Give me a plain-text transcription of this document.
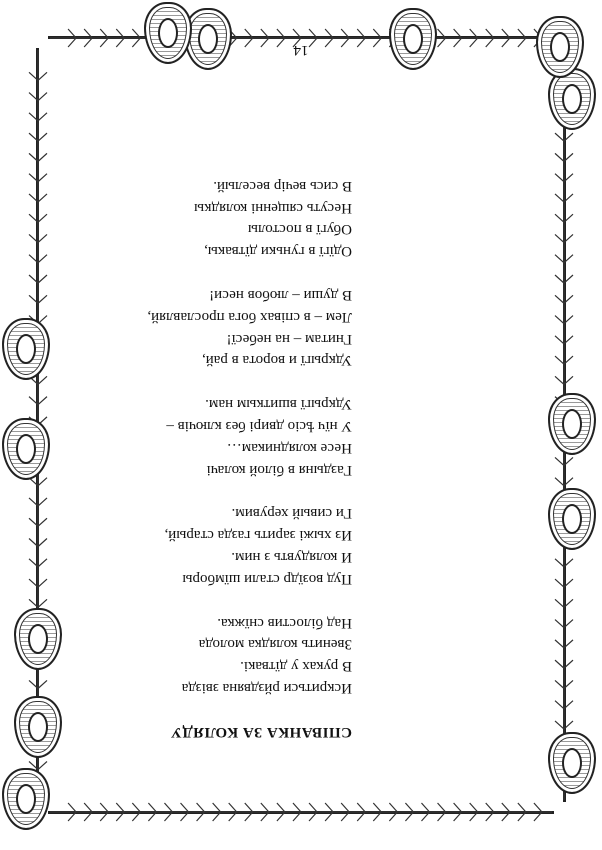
СПІВАНКА ЗА КОЛЯДУ
Искритьси рйздвяна звізда
В руках у дїтвакі.
Звенить колядка молода
Над білостив снїжка.
Пуд возїдр стали шїмборы
И колядувть з ним.
Из хыжі зарить газда старый,
Ги сивый херувим.
Газдыня в білой колачі
Несе колядникам…
У нїч ѣсіо двирі без ключів –
Удкрыгї вшиткым нам.
Удкрыгї и ворота в рай,
Гнитам – на небесї!
Лем – в співах бога прославляй,
В души – любов неси!
Одїгї в гуньки дїтвакы,
Обугї в постолы
Несуть сященні колядкы
В сись вечір веселый.
14
